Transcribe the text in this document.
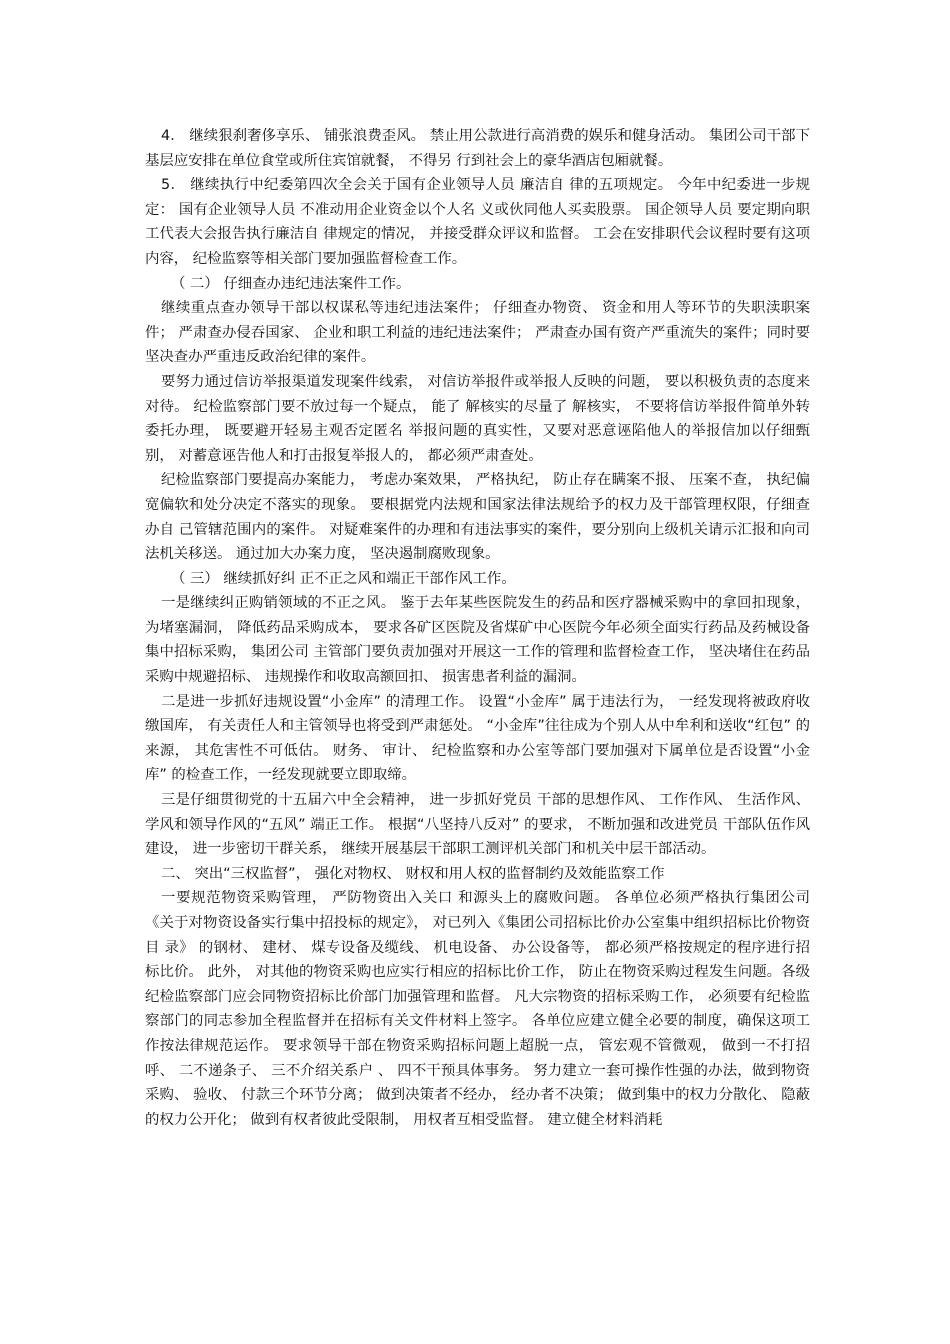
4． 继续狠刹奢侈享乐、 铺张浪费歪风。 禁止用公款进行高消费的娱乐和健身活动。 集团公司干部下基层应安排在单位食堂或所住宾馆就餐， 不得另 行到社会上的豪华酒店包厢就餐。

5． 继续执行中纪委第四次全会关于国有企业领导人员 廉洁自 律的五项规定。 今年中纪委进一步规定： 国有企业领导人员 不准动用企业资金以个人名 义或伙同他人买卖股票。 国企领导人员 要定期向职工代表大会报告执行廉洁自 律规定的情况， 并接受群众评议和监督。 工会在安排职代会议程时要有这项内容， 纪检监察等相关部门要加强监督检查工作。

（ 二） 仔细查办违纪违法案件工作。

继续重点查办领导干部以权谋私等违纪违法案件； 仔细查办物资、 资金和用人等环节的失职渎职案件； 严肃查办侵吞国家、 企业和职工利益的违纪违法案件； 严肃查办国有资产严重流失的案件；同时要坚决查办严重违反政治纪律的案件。

要努力通过信访举报渠道发现案件线索， 对信访举报件或举报人反映的问题， 要以积极负责的态度来对待。 纪检监察部门要不放过每一个疑点， 能了 解核实的尽量了 解核实， 不要将信访举报件简单外转委托办理， 既要避开轻易主观否定匿名 举报问题的真实性，又要对恶意诬陷他人的举报信加以仔细甄别， 对蓄意诬告他人和打击报复举报人的， 都必须严肃查处。

纪检监察部门要提高办案能力， 考虑办案效果， 严格执纪， 防止存在瞒案不报、 压案不查， 执纪偏宽偏软和处分决定不落实的现象。 要根据党内法规和国家法律法规给予的权力及干部管理权限，仔细查办自 己管辖范围内的案件。 对疑难案件的办理和有违法事实的案件，要分别向上级机关请示汇报和向司法机关移送。 通过加大办案力度， 坚决遏制腐败现象。

（ 三） 继续抓好纠 正不正之风和端正干部作风工作。

一是继续纠正购销领域的不正之风。 鉴于去年某些医院发生的药品和医疗器械采购中的拿回扣现象， 为堵塞漏洞， 降低药品采购成本， 要求各矿区医院及省煤矿中心医院今年必须全面实行药品及药械设备集中招标采购， 集团公司 主管部门要负责加强对开展这一工作的管理和监督检查工作， 坚决堵住在药品采购中规避招标、 违规操作和收取高额回扣、 损害患者利益的漏洞。

二是进一步抓好违规设置“小金库” 的清理工作。 设置“小金库” 属于违法行为， 一经发现将被政府收缴国库， 有关责任人和主管领导也将受到严肃惩处。 “小金库”往往成为个别人从中牟利和送收“红包” 的来源， 其危害性不可低估。 财务、 审计、 纪检监察和办公室等部门要加强对下属单位是否设置“小金库” 的检查工作，一经发现就要立即取缔。

三是仔细贯彻党的十五届六中全会精神， 进一步抓好党员 干部的思想作风、 工作作风、 生活作风、 学风和领导作风的“五风” 端正工作。 根据“八坚持八反对” 的要求， 不断加强和改进党员 干部队伍作风建设， 进一步密切干群关系， 继续开展基层干部职工测评机关部门和机关中层干部活动。

二、 突出“三权监督”， 强化对物权、 财权和用人权的监督制约及效能监察工作

一要规范物资采购管理， 严防物资出入关口 和源头上的腐败问题。 各单位必须严格执行集团公司 《关于对物资设备实行集中招投标的规定》， 对已列入《集团公司招标比价办公室集中组织招标比价物资目 录》 的钢材、 建材、 煤专设备及缆线、 机电设备、 办公设备等， 都必须严格按规定的程序进行招标比价。 此外， 对其他的物资采购也应实行相应的招标比价工作， 防止在物资采购过程发生问题。各级纪检监察部门应会同物资招标比价部门加强管理和监督。 凡大宗物资的招标采购工作， 必须要有纪检监察部门的同志参加全程监督并在招标有关文件材料上签字。 各单位应建立健全必要的制度，确保这项工作按法律规范运作。 要求领导干部在物资采购招标问题上超脱一点， 管宏观不管微观， 做到一不打招呼、 二不递条子、 三不介绍关系户 、 四不干预具体事务。 努力建立一套可操作性强的办法，做到物资采购、 验收、 付款三个环节分离； 做到决策者不经办， 经办者不决策； 做到集中的权力分散化、 隐蔽的权力公开化； 做到有权者彼此受限制， 用权者互相受监督。 建立健全材料消耗
